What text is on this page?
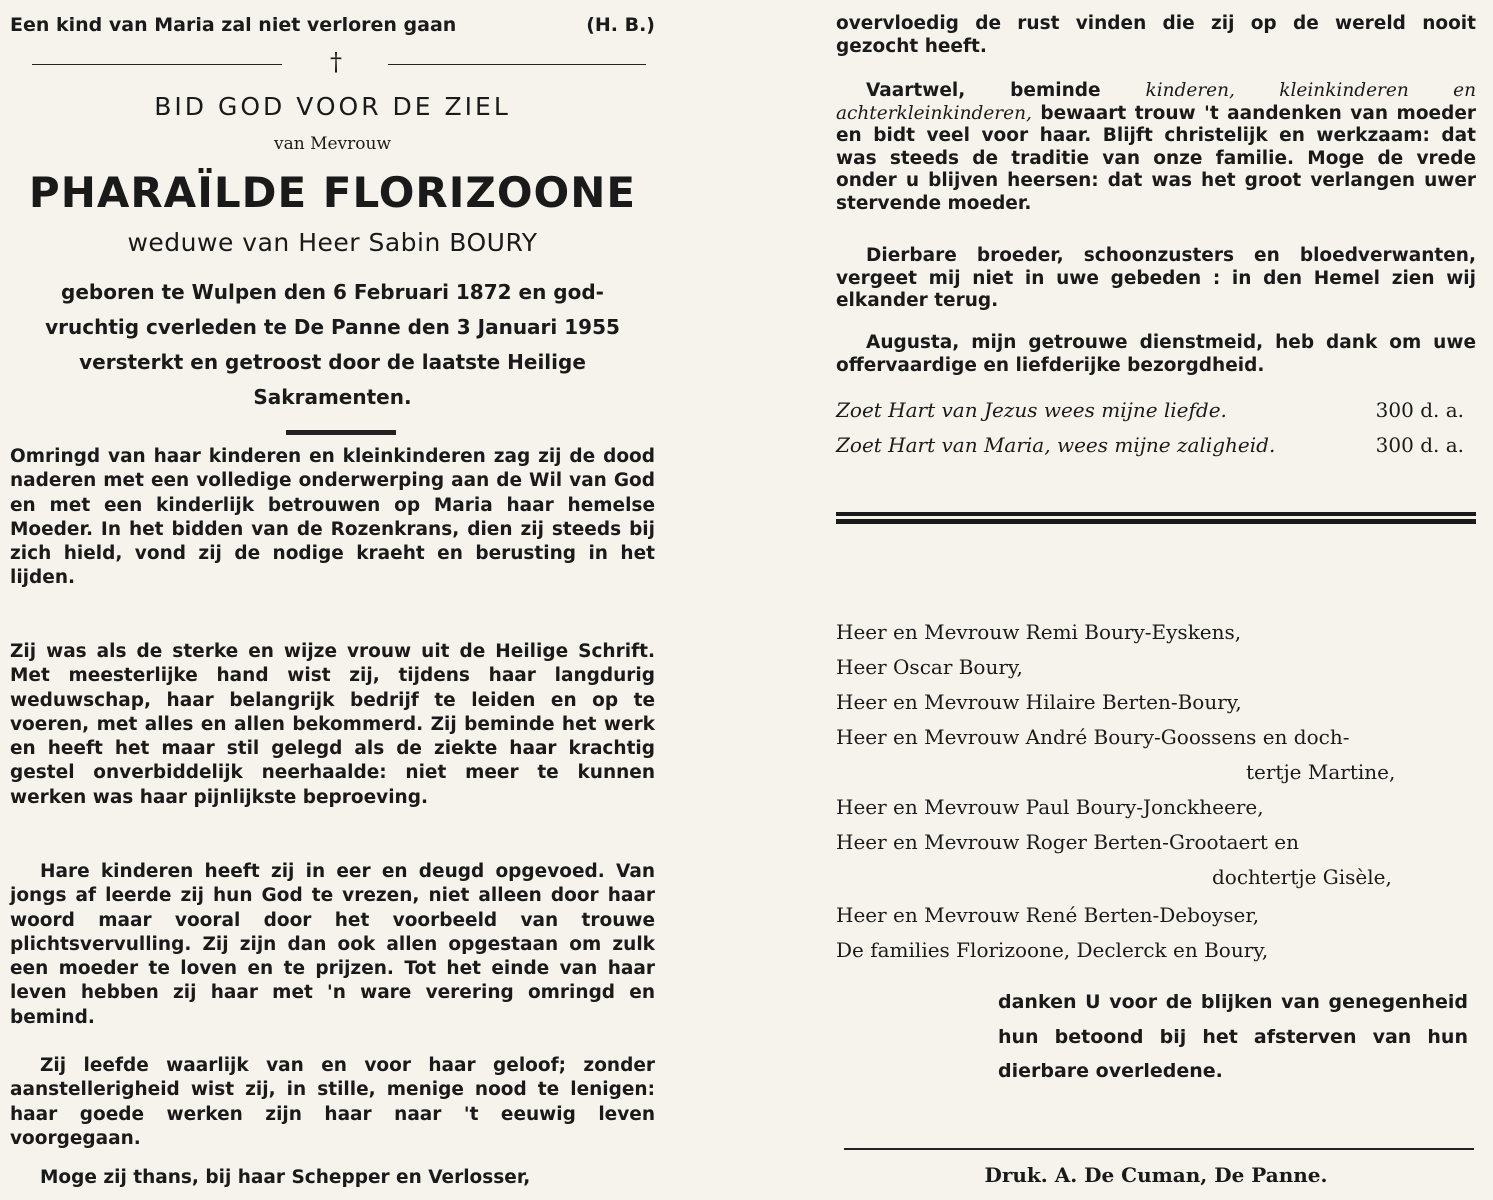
Een kind van Maria zal niet verloren gaan	(H. B.)
†
BID GOD VOOR DE ZIEL
van Mevrouw
PHARAÏLDE FLORIZOONE
weduwe van Heer Sabin BOURY
geboren te Wulpen den 6 Februari 1872 en god-
vruchtig cverleden te De Panne den 3 Januari 1955
versterkt en getroost door de laatste Heilige
Sakramenten.
Omringd van haar kinderen en kleinkinderen zag zij de dood naderen met een volledige onderwerping aan de Wil van God en met een kinderlijk betrouwen op Maria haar hemelse Moeder. In het bidden van de Rozenkrans, dien zij steeds bij zich hield, vond zij de nodige kraeht en berusting in het lijden.
Zij was als de sterke en wijze vrouw uit de Heilige Schrift. Met meesterlijke hand wist zij, tijdens haar langdurig weduwschap, haar belangrijk bedrijf te leiden en op te voeren, met alles en allen bekommerd. Zij beminde het werk en heeft het maar stil gelegd als de ziekte haar krachtig gestel onverbiddelijk neerhaalde: niet meer te kunnen werken was haar pijnlijkste beproeving.
Hare kinderen heeft zij in eer en deugd opgevoed. Van jongs af leerde zij hun God te vrezen, niet alleen door haar woord maar vooral door het voorbeeld van trouwe plichtsvervulling. Zij zijn dan ook allen opgestaan om zulk een moeder te loven en te prijzen. Tot het einde van haar leven hebben zij haar met 'n ware verering omringd en bemind.
Zij leefde waarlijk van en voor haar geloof; zonder aanstellerigheid wist zij, in stille, menige nood te lenigen: haar goede werken zijn haar naar 't eeuwig leven voorgegaan.
Moge zij thans, bij haar Schepper en Verlosser,
overvloedig de rust vinden die zij op de wereld nooit gezocht heeft.
Vaartwel, beminde kinderen, kleinkinderen en achterkleinkinderen, bewaart trouw 't aandenken van moeder en bidt veel voor haar. Blijft christelijk en werkzaam: dat was steeds de traditie van onze familie. Moge de vrede onder u blijven heersen: dat was het groot verlangen uwer stervende moeder.
Dierbare broeder, schoonzusters en bloedverwanten, vergeet mij niet in uwe gebeden : in den Hemel zien wij elkander terug.
Augusta, mijn getrouwe dienstmeid, heb dank om uwe offervaardige en liefderijke bezorgdheid.
Zoet Hart van Jezus wees mijne liefde.	300 d. a.
Zoet Hart van Maria, wees mijne zaligheid.	300 d. a.
Heer en Mevrouw Remi Boury-Eyskens,
Heer Oscar Boury,
Heer en Mevrouw Hilaire Berten-Boury,
Heer en Mevrouw André Boury-Goossens en doch-
tertje Martine,
Heer en Mevrouw Paul Boury-Jonckheere,
Heer en Mevrouw Roger Berten-Grootaert en
dochtertje Gisèle,
Heer en Mevrouw René Berten-Deboyser,
De families Florizoone, Declerck en Boury,
danken U voor de blijken van genegenheid hun betoond bij het afsterven van hun dierbare overledene.
Druk. A. De Cuman, De Panne.
